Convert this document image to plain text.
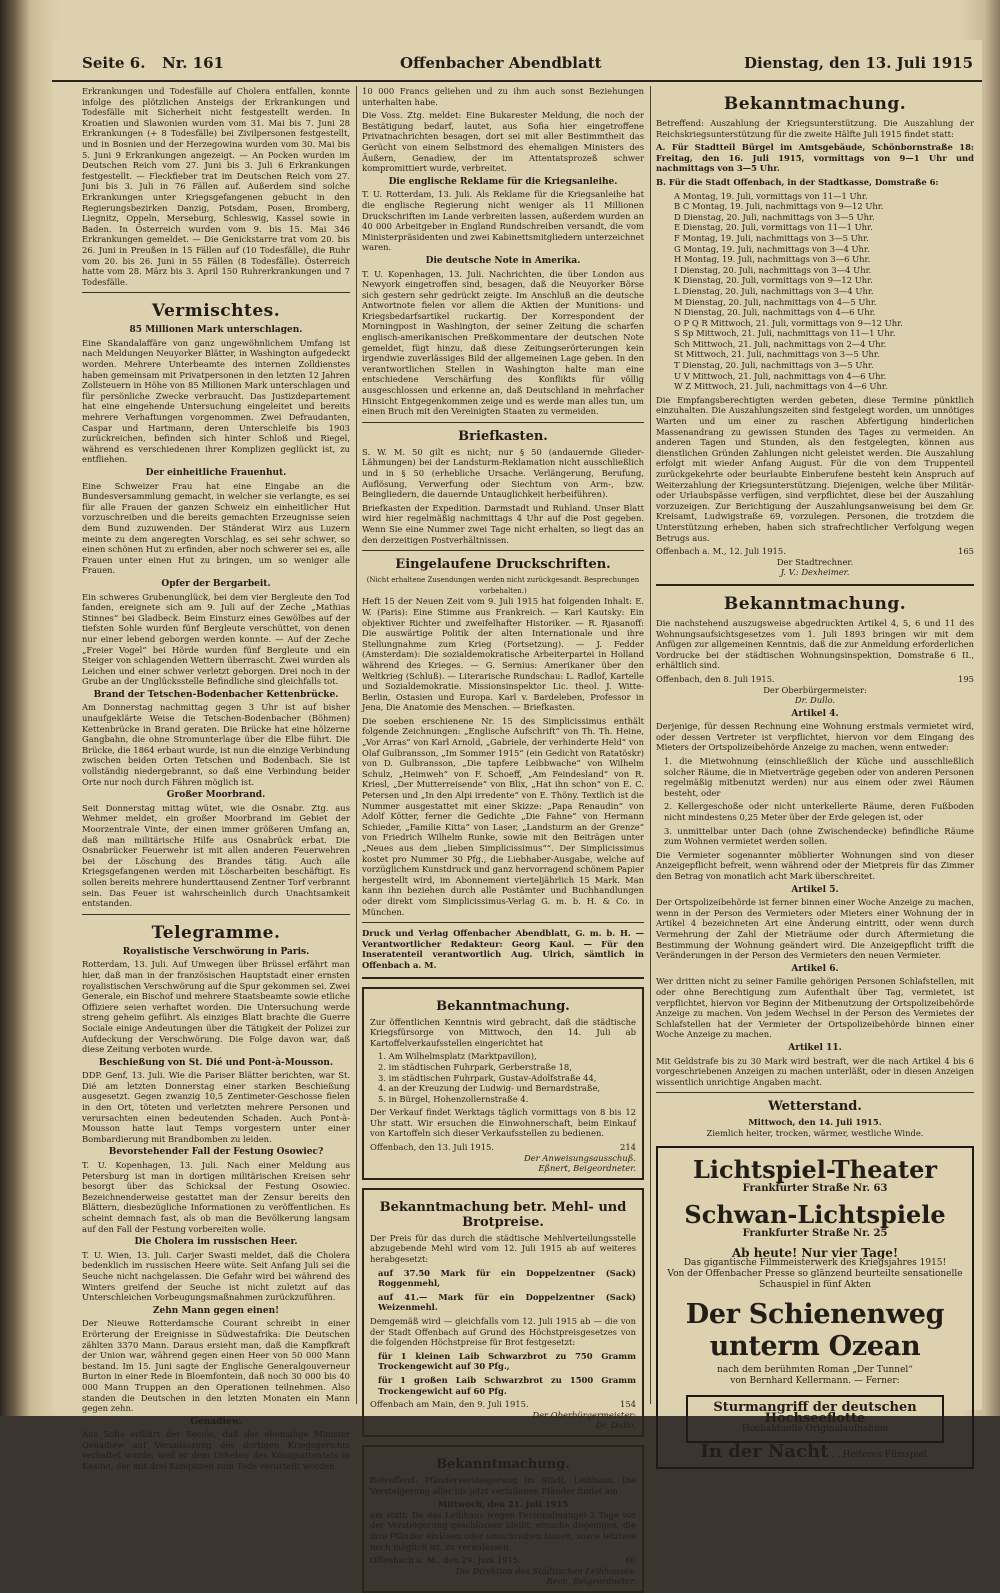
Seite 6. Nr. 161	Offenbacher Abendblatt	Dienstag, den 13. Juli 1915

Erkrankungen und Todesfälle auf Cholera entfallen, konnte infolge des plötzlichen Ansteigs der Erkrankungen und Todesfälle mit Sicherheit nicht festgestellt werden. In Kroatien und Slawonien wurden vom 31. Mai bis 7. Juni 28 Erkrankungen (+ 8 Todesfälle) bei Zivilpersonen festgestellt, und in Bosnien und der Herzegowina wurden vom 30. Mai bis 5. Juni 9 Erkrankungen angezeigt. — An Pocken wurden im Deutschen Reich vom 27. Juni bis 3. Juli 6 Erkrankungen festgestellt. — Fleckfieber trat im Deutschen Reich vom 27. Juni bis 3. Juli in 76 Fällen auf. Außerdem sind solche Erkrankungen unter Kriegsgefangenen gebucht in den Regierungsbezirken Danzig, Potsdam, Posen, Bromberg, Liegnitz, Oppeln, Merseburg, Schleswig, Kassel sowie in Baden. In Österreich wurden vom 9. bis 15. Mai 346 Erkrankungen gemeldet. — Die Genickstarre trat vom 20. bis 26. Juni in Preußen in 15 Fällen auf (10 Todesfälle), die Ruhr vom 20. bis 26. Juni in 55 Fällen (8 Todesfälle). Österreich hatte vom 28. März bis 3. April 150 Ruhrerkrankungen und 7 Todesfälle.

Vermischtes.
85 Millionen Mark unterschlagen.

Eine Skandalaffäre von ganz ungewöhnlichem Umfang ist nach Meldungen Neuyorker Blätter, in Washington aufgedeckt worden. Mehrere Unterbeamte des internen Zolldienstes haben gemeinsam mit Privatpersonen in den letzten 12 Jahren Zollsteuern in Höhe von 85 Millionen Mark unterschlagen und für persönliche Zwecke verbraucht. Das Justizdepartement hat eine eingehende Untersuchung eingeleitet und bereits mehrere Verhaftungen vorgenommen. Zwei Defraudanten, Caspar und Hartmann, deren Unterschleife bis 1903 zurückreichen, befinden sich hinter Schloß und Riegel, während es verschiedenen ihrer Komplizen geglückt ist, zu entfliehen.

Der einheitliche Frauenhut.

Eine Schweizer Frau hat eine Eingabe an die Bundesversammlung gemacht, in welcher sie verlangte, es sei für alle Frauen der ganzen Schweiz ein einheitlicher Hut vorzuschreiben und die bereits gemachten Erzeugnisse seien dem Bund zuzuwenden. Der Ständerat Wirz aus Luzern meinte zu dem angeregten Vorschlag, es sei sehr schwer, so einen schönen Hut zu erfinden, aber noch schwerer sei es, alle Frauen unter einen Hut zu bringen, um so weniger alle Frauen.

Opfer der Bergarbeit.

Ein schweres Grubenunglück, bei dem vier Bergleute den Tod fanden, ereignete sich am 9. Juli auf der Zeche „Mathias Stinnes“ bei Gladbeck. Beim Einsturz eines Gewölbes auf der tiefsten Sohle wurden fünf Bergleute verschüttet, von denen nur einer lebend geborgen werden konnte. — Auf der Zeche „Freier Vogel“ bei Hörde wurden fünf Bergleute und ein Steiger von schlagenden Wettern überrascht. Zwei wurden als Leichen und einer schwer verletzt geborgen. Drei noch in der Grube an der Unglücksstelle Befindliche sind gleichfalls tot.

Brand der Tetschen-Bodenbacher Kettenbrücke.

Am Donnerstag nachmittag gegen 3 Uhr ist auf bisher unaufgeklärte Weise die Tetschen-Bodenbacher (Böhmen) Kettenbrücke in Brand geraten. Die Brücke hat eine hölzerne Gangbahn, die ohne Stromunterlage über die Elbe führt. Die Brücke, die 1864 erbaut wurde, ist nun die einzige Verbindung zwischen beiden Orten Tetschen und Bodenbach. Sie ist vollständig niedergebrannt, so daß eine Verbindung beider Orte nur noch durch Fähren möglich ist.

Großer Moorbrand.

Seit Donnerstag mittag wütet, wie die Osnabr. Ztg. aus Wehmer meldet, ein großer Moorbrand im Gebiet der Moorzentrale Vinte, der einen immer größeren Umfang an, daß man militärische Hilfe aus Osnabrück erbat. Die Osnabrücker Feuerwehr ist mit allen anderen Feuerwehren bei der Löschung des Brandes tätig. Auch alle Kriegsgefangenen werden mit Löscharbeiten beschäftigt. Es sollen bereits mehrere hunderttausend Zentner Torf verbrannt sein. Das Feuer ist wahrscheinlich durch Unachtsamkeit entstanden.

Telegramme.
Royalistische Verschwörung in Paris.

Rotterdam, 13. Juli. Auf Umwegen über Brüssel erfährt man hier, daß man in der französischen Hauptstadt einer ernsten royalistischen Verschwörung auf die Spur gekommen sei. Zwei Generale, ein Bischof und mehrere Staatsbeamte sowie etliche Offiziere seien verhaftet worden. Die Untersuchung werde streng geheim geführt. Als einziges Blatt brachte die Guerre Sociale einige Andeutungen über die Tätigkeit der Polizei zur Aufdeckung der Verschwörung. Die Folge davon war, daß diese Zeitung verboten wurde.

Beschießung von St. Dié und Pont-à-Mousson.

DDP. Genf, 13. Juli. Wie die Pariser Blätter berichten, war St. Dié am letzten Donnerstag einer starken Beschießung ausgesetzt. Gegen zwanzig 10,5 Zentimeter-Geschosse fielen in den Ort, töteten und verletzten mehrere Personen und verursachten einen bedeutenden Schaden. Auch Pont-à-Mousson hatte laut Temps vorgestern unter einer Bombardierung mit Brandbomben zu leiden.

Bevorstehender Fall der Festung Osowiec?

T. U. Kopenhagen, 13. Juli. Nach einer Meldung aus Petersburg ist man in dortigen militärischen Kreisen sehr besorgt über das Schicksal der Festung Osowiec. Bezeichnenderweise gestattet man der Zensur bereits den Blättern, diesbezügliche Informationen zu veröffentlichen. Es scheint demnach fast, als ob man die Bevölkerung langsam auf den Fall der Festung vorbereiten wolle.

Die Cholera im russischen Heer.

T. U. Wien, 13. Juli. Carjer Swasti meldet, daß die Cholera bedenklich im russischen Heere wüte. Seit Anfang Juli sei die Seuche nicht nachgelassen. Die Gefahr wird bei während des Winters greifend der Seuche ist nicht zuletzt auf das Unterschleichen Vorbeugungsmaßnahmen zurückzuführen.

Zehn Mann gegen einen!

Der Nieuwe Rotterdamsche Courant schreibt in einer Erörterung der Ereignisse in Südwestafrika: Die Deutschen zählten 3370 Mann. Daraus ersieht man, daß die Kampfkraft der Union war, während gegen einen Heer von 50 000 Mann bestand. Im 15. Juni sagte der Englische Generalgouverneur Burton in einer Rede in Bloemfontein, daß noch 30 000 bis 40 000 Mann Truppen an den Operationen teilnehmen. Also standen die Deutschen in den letzten Monaten ein Mann gegen zehn.

Genadiew.

Aus Sofia erfährt der Secolo, daß der ehemalige Minister Genadiew auf Veranlassung des dortigen Kriegsgerichts verhaftet wurde, weil er dem Urheber des Königsattentats in Kasino, der mit drei Komplizen zum Tode verurteilt worden.

10 000 Francs geliehen und zu ihm auch sonst Beziehungen unterhalten habe.

Die Voss. Ztg. meldet: Eine Bukarester Meldung, die noch der Bestätigung bedarf, lautet, aus Sofia hier eingetroffene Privatnachrichten besagen, dort sei mit aller Bestimmtheit das Gerücht von einem Selbstmord des ehemaligen Ministers des Äußern, Genadiew, der im Attentatsprozeß schwer kompromittiert wurde, verbreitet.

Die englische Reklame für die Kriegsanleihe.

T. U. Rotterdam, 13. Juli. Als Reklame für die Kriegsanleihe hat die englische Regierung nicht weniger als 11 Millionen Druckschriften im Lande verbreiten lassen, außerdem wurden an 40 000 Arbeitgeber in England Rundschreiben versandt, die vom Ministerpräsidenten und zwei Kabinettsmitgliedern unterzeichnet waren.

Die deutsche Note in Amerika.

T. U. Kopenhagen, 13. Juli. Nachrichten, die über London aus Newyork eingetroffen sind, besagen, daß die Neuyorker Börse sich gestern sehr gedrückt zeigte. Im Anschluß an die deutsche Antwortnote fielen vor allem die Aktien der Munitions- und Kriegsbedarfsartikel ruckartig. Der Korrespondent der Morningpost in Washington, der seiner Zeitung die scharfen englisch-amerikanischen Preßkommentare der deutschen Note gemeldet, fügt hinzu, daß diese Zeitungserörterungen kein irgendwie zuverlässiges Bild der allgemeinen Lage geben. In den verantwortlichen Stellen in Washington halte man eine entschiedene Verschärfung des Konflikts für völlig ausgeschlossen und erkenne an, daß Deutschland in mehrfacher Hinsicht Entgegenkommen zeige und es werde man alles tun, um einen Bruch mit den Vereinigten Staaten zu vermeiden.

Briefkasten.

S. W. M. 50 gilt es nicht; nur § 50 (andauernde Glieder-Lähmungen) bei der Landsturm-Reklamation nicht ausschließlich und in § 50 (erhebliche Ursache. Verlängerung, Berufung, Auflösung, Verwerfung oder Siechtum von Arm-, bzw. Beingliedern, die dauernde Untauglichkeit herbeiführen).

Briefkasten der Expedition. Darmstadt und Ruhland. Unser Blatt wird hier regelmäßig nachmittags 4 Uhr auf die Post gegeben. Wenn Sie eine Nummer zwei Tage nicht erhalten, so liegt das an den derzeitigen Postverhältnissen.

Eingelaufene Druckschriften.
(Nicht erhaltene Zusendungen werden nicht zurückgesandt. Besprechungen vorbehalten.)

Heft 15 der Neuen Zeit vom 9. Juli 1915 hat folgenden Inhalt: E. W. (Paris): Eine Stimme aus Frankreich. — Karl Kautsky: Ein objektiver Richter und zweifelhafter Historiker. — R. Rjasanoff: Die auswärtige Politik der alten Internationale und ihre Stellungnahme zum Krieg (Fortsetzung). — J. Fedder (Amsterdam): Die sozialdemokratische Arbeiterpartei in Holland während des Krieges. — G. Sernius: Amerikaner über den Weltkrieg (Schluß). — Literarische Rundschau: L. Radlof, Kartelle und Sozialdemokratie. Missionsinspektor Lic. theol. J. Witte-Berlin, Ostasien und Europa. Karl v. Bardeleben, Professor in Jena, Die Anatomie des Menschen. — Briefkasten.

Die soeben erschienene Nr. 15 des Simplicissimus enthält folgende Zeichnungen: „Englische Aufschrift“ von Th. Th. Heine, „Vor Arras“ von Karl Arnold, „Gabriele, der verhinderte Held“ von Olaf Gulbransson, „Im Sommer 1915“ (ein Gedicht von Ratatöskr) von D. Gulbransson, „Die tapfere Leibbwache“ von Wilhelm Schulz, „Heimweh“ von F. Schoeff, „Am Feindesland“ von R. Kriesl, „Der Mutterreisende“ von Blix, „Hat ihn schon“ von E. C. Petersen und „In den Alpi irredente“ von E. Thöny. Textlich ist die Nummer ausgestattet mit einer Skizze: „Papa Renaudin“ von Adolf Kötter, ferner die Gedichte „Die Fahne“ von Hermann Schieder, „Familie Kitta“ von Laser, „Landsturm an der Grenze“ von Friedrich Wilhelm Runke, sowie mit den Beiträgen unter „Neues aus dem „lieben Simplicissimus““. Der Simplicissimus kostet pro Nummer 30 Pfg., die Liebhaber-Ausgabe, welche auf vorzüglichem Kunstdruck und ganz hervorragend schönem Papier hergestellt wird, im Abonnement vierteljährlich 15 Mark. Man kann ihn beziehen durch alle Postämter und Buchhandlungen oder direkt vom Simplicissimus-Verlag G. m. b. H. & Co. in München.

Druck und Verlag Offenbacher Abendblatt, G. m. b. H. — Verantwortlicher Redakteur: Georg Kaul. — Für den Inseratenteil verantwortlich Aug. Ulrich, sämtlich in Offenbach a. M.

Bekanntmachung.

Zur öffentlichen Kenntnis wird gebracht, daß die städtische Kriegsfürsorge von Mittwoch, den 14. Juli ab Kartoffelverkaufsstellen eingerichtet hat

1. Am Wilhelmsplatz (Marktpavillon),
2. im städtischen Fuhrpark, Gerberstraße 18,
3. im städtischen Fuhrpark, Gustav-Adolfstraße 44,
4. an der Kreuzung der Ludwig- und Bernardstraße,
5. in Bürgel, Hohenzollernstraße 4.

Der Verkauf findet Werktags täglich vormittags von 8 bis 12 Uhr statt. Wir ersuchen die Einwohnerschaft, beim Einkauf von Kartoffeln sich dieser Verkaufsstellen zu bedienen.

Offenbach, den 13. Juli 1915.	214
Der Anweisungsausschuß.
Eßnert, Beigeordneter.
Bekanntmachung betr. Mehl- und Brotpreise.

Der Preis für das durch die städtische Mehlverteilungsstelle abzugebende Mehl wird vom 12. Juli 1915 ab auf weiteres herabgesetzt:

auf 37.50 Mark für ein Doppelzentner (Sack) Roggenmehl,

auf 41.— Mark für ein Doppelzentner (Sack) Weizenmehl.

Demgemäß wird — gleichfalls vom 12. Juli 1915 ab — die von der Stadt Offenbach auf Grund des Höchstpreisgesetzes von die folgenden Höchstpreise für Brot festgesetzt:

für 1 kleinen Laib Schwarzbrot zu 750 Gramm Trockengewicht auf 30 Pfg.,

für 1 großen Laib Schwarzbrot zu 1500 Gramm Trockengewicht auf 60 Pfg.

Offenbach am Main, den 9. Juli 1915.	154
Der Oberbürgermeister:
Dr. Dullo.
Bekanntmachung.

Betreffend: Pfänderversteigerung im Städt. Leihhaus. Die Versteigerung aller bis jetzt verfallenen Pfänder findet am

Mittwoch, den 21. Juli 1915

am statt. Da das Leihhaus wegen Personalmangel 2 Tage vor der Versteigerung geschlossen bleibt, ersuche diejenigen, die ihre Pfänder einlösen oder umschreiben lassen, sowie letztere noch möglich ist, zu veranlassen.

Offenbach a. M., den 29. Juni 1915.	60
Die Direktion des Städtischen Leihhauses.
Rech, Beigeordneter.
Bekanntmachung.

Betreffend: Auszahlung der Kriegsunterstützung. Die Auszahlung der Reichskriegsunterstützung für die zweite Hälfte Juli 1915 findet statt:

A. Für Stadtteil Bürgel im Amtsgebäude, Schönbornstraße 18: Freitag, den 16. Juli 1915, vormittags von 9—1 Uhr und nachmittags von 3—5 Uhr.

B. Für die Stadt Offenbach, in der Stadtkasse, Domstraße 6:

A Montag, 19. Juli, vormittags von 11—1 Uhr.
B C Montag, 19. Juli, nachmittags von 9—12 Uhr.
D Dienstag, 20. Juli, nachmittags von 3—5 Uhr.
E Dienstag, 20. Juli, vormittags von 11—1 Uhr.
F Montag, 19. Juli, nachmittags von 3—5 Uhr.
G Montag, 19. Juli, nachmittags von 3—4 Uhr.
H Montag, 19. Juli, nachmittags von 3—6 Uhr.
I Dienstag, 20. Juli, nachmittags von 3—4 Uhr.
K Dienstag, 20. Juli, vormittags von 9—12 Uhr.
L Dienstag, 20. Juli, nachmittags von 3—4 Uhr.
M Dienstag, 20. Juli, nachmittags von 4—5 Uhr.
N Dienstag, 20. Juli, nachmittags von 4—6 Uhr.
O P Q R Mittwoch, 21. Juli, vormittags von 9—12 Uhr.
S Sp Mittwoch, 21. Juli, nachmittags von 11—1 Uhr.
Sch Mittwoch, 21. Juli, nachmittags von 2—4 Uhr.
St Mittwoch, 21. Juli, nachmittags von 3—5 Uhr.
T Dienstag, 20. Juli, nachmittags von 3—5 Uhr.
U V Mittwoch, 21. Juli, nachmittags von 4—6 Uhr.
W Z Mittwoch, 21. Juli, nachmittags von 4—6 Uhr.

Die Empfangsberechtigten werden gebeten, diese Termine pünktlich einzuhalten. Die Auszahlungszeiten sind festgelegt worden, um unnötiges Warten und um einer zu raschen Abfertigung hinderlichen Massenandrang zu gewissen Stunden des Tages zu vermeiden. An anderen Tagen und Stunden, als den festgelegten, können aus dienstlichen Gründen Zahlungen nicht geleistet werden. Die Auszahlung erfolgt mit wieder Anfang August. Für die von dem Truppenteil zurückgekehrte oder beurlaubte Einberufene besteht kein Anspruch auf Weiterzahlung der Kriegsunterstützung. Diejenigen, welche über Militär- oder Urlaubspässe verfügen, sind verpflichtet, diese bei der Auszahlung vorzuzeigen. Zur Berichtigung der Auszahlungsanweisung bei dem Gr. Kreisamt, Ludwigstraße 69, vorzulegen. Personen, die trotzdem die Unterstützung erheben, haben sich strafrechtlicher Verfolgung wegen Betrugs aus.

Offenbach a. M., 12. Juli 1915.	165
Der Stadtrechner.
J. V.: Dexheimer.
Bekanntmachung.

Die nachstehend auszugsweise abgedruckten Artikel 4, 5, 6 und 11 des Wohnungsaufsichtsgesetzes vom 1. Juli 1893 bringen wir mit dem Anfügen zur allgemeinen Kenntnis, daß die zur Anmeldung erforderlichen Vordrucke bei der städtischen Wohnungsinspektion, Domstraße 6 II., erhältlich sind.

Offenbach, den 8. Juli 1915.	195
Der Oberbürgermeister:
Dr. Dullo.
Artikel 4.

Derjenige, für dessen Rechnung eine Wohnung erstmals vermietet wird, oder dessen Vertreter ist verpflichtet, hiervon vor dem Eingang des Mieters der Ortspolizeibehörde Anzeige zu machen, wenn entweder:

1. die Mietwohnung (einschließlich der Küche und ausschließlich solcher Räume, die in Mietverträge gegeben oder von anderen Personen regelmäßig mitbenutzt werden) nur aus einem oder zwei Räumen besteht, oder

2. Kellergeschoße oder nicht unterkellerte Räume, deren Fußboden nicht mindestens 0,25 Meter über der Erde gelegen ist, oder

3. unmittelbar unter Dach (ohne Zwischendecke) befindliche Räume zum Wohnen vermietet werden sollen.

Die Vermieter sogenannter möblierter Wohnungen sind von dieser Anzeigepflicht befreit, wenn während oder der Mietpreis für das Zimmer den Betrag von monatlich acht Mark überschreitet.

Artikel 5.

Der Ortspolizeibehörde ist ferner binnen einer Woche Anzeige zu machen, wenn in der Person des Vermieters oder Mieters einer Wohnung der in Artikel 4 bezeichneten Art eine Änderung eintritt, oder wenn durch Vermehrung der Zahl der Mieträume oder durch Aftermietung die Bestimmung der Wohnung geändert wird. Die Anzeigepflicht trifft die Veränderungen in der Person des Vermieters den neuen Vermieter.

Artikel 6.

Wer dritten nicht zu seiner Familie gehörigen Personen Schlafstellen, mit oder ohne Berechtigung zum Aufenthalt über Tag, vermietet, ist verpflichtet, hiervon vor Beginn der Mitbenutzung der Ortspolizeibehörde Anzeige zu machen. Von jedem Wechsel in der Person des Vermietes der Schlafstellen hat der Vermieter der Ortspolizeibehörde binnen einer Woche Anzeige zu machen.

Artikel 11.

Mit Geldstrafe bis zu 30 Mark wird bestraft, wer die nach Artikel 4 bis 6 vorgeschriebenen Anzeigen zu machen unterläßt, oder in diesen Anzeigen wissentlich unrichtige Angaben macht.

Wetterstand.
Mittwoch, den 14. Juli 1915.
Ziemlich heiter, trocken, wärmer, westliche Winde.
Lichtspiel-Theater
Frankfurter Straße Nr. 63
Schwan-Lichtspiele
Frankfurter Straße Nr. 25
Ab heute! Nur vier Tage!
Das gigantische Filmmeisterwerk des Kriegsjahres 1915!
Von der Offenbacher Presse so glänzend beurteilte sensationelle Schauspiel in fünf Akten
Der Schienenweg unterm Ozean
nach dem berühmten Roman „Der Tunnel“
von Bernhard Kellermann. — Ferner:
Sturmangriff der deutschen Hochseeflotte
Hochaktuelle Originalaufnahme
In der Nacht . . Heiteres Filmspiel.
